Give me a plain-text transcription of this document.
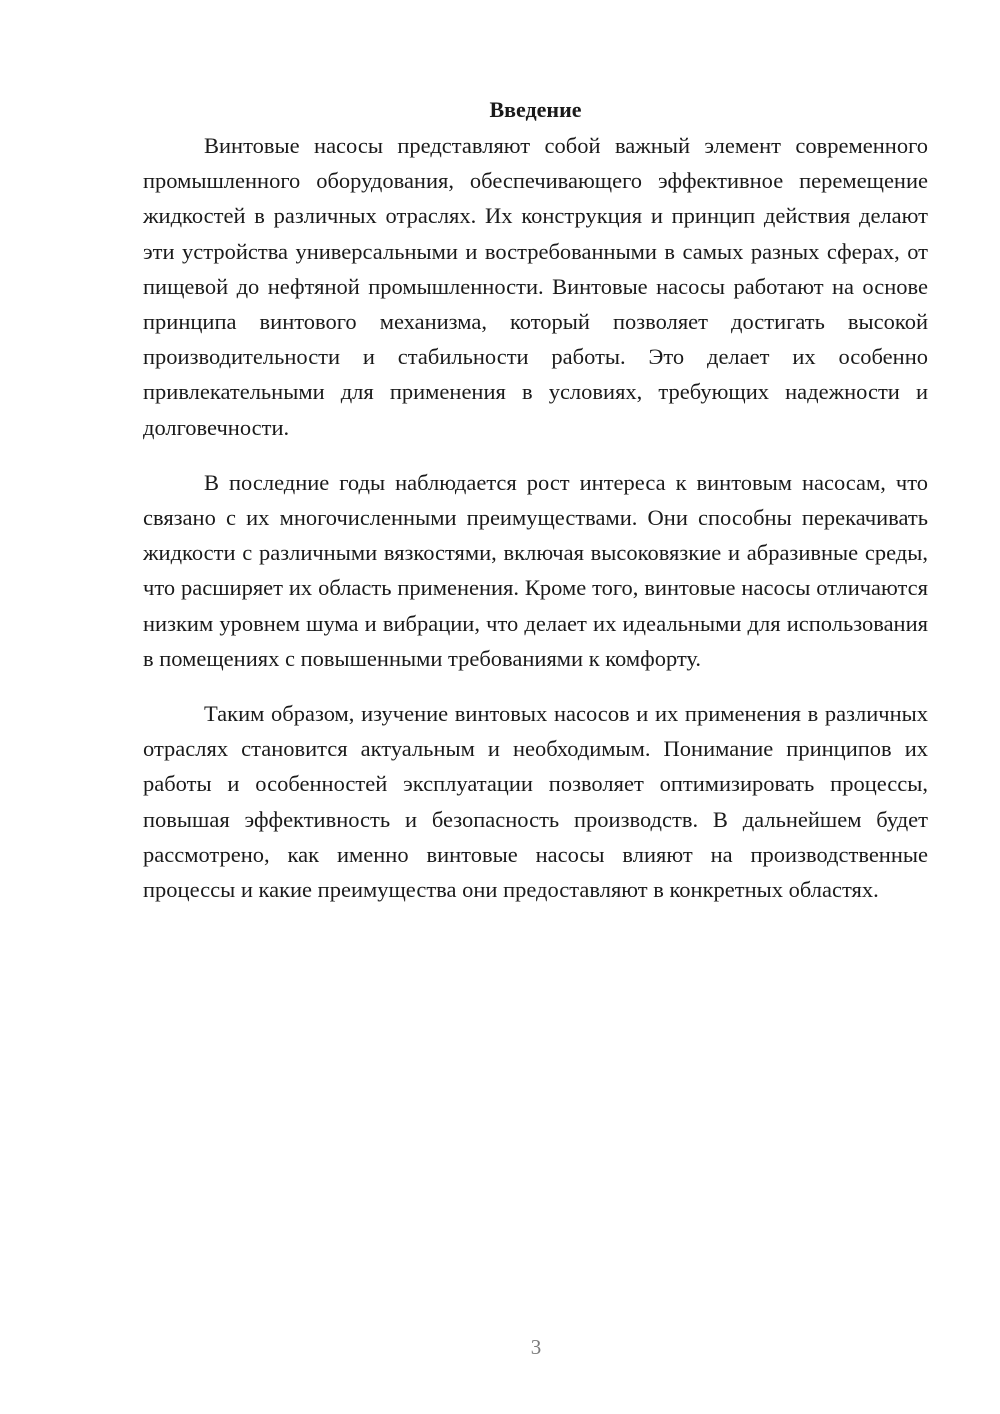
Введение

Винтовые насосы представляют собой важный элемент современного промышленного оборудования, обеспечивающего эффективное перемещение жидкостей в различных отраслях. Их конструкция и принцип действия делают эти устройства универсальными и востребованными в самых разных сферах, от пищевой до нефтяной промышленности. Винтовые насосы работают на основе принципа винтового механизма, который позволяет достигать высокой производительности и стабильности работы. Это делает их особенно привлекательными для применения в условиях, требующих надежности и долговечности.

В последние годы наблюдается рост интереса к винтовым насосам, что связано с их многочисленными преимуществами. Они способны перекачивать жидкости с различными вязкостями, включая высоковязкие и абразивные среды, что расширяет их область применения. Кроме того, винтовые насосы отличаются низким уровнем шума и вибрации, что делает их идеальными для использования в помещениях с повышенными требованиями к комфорту.

Таким образом, изучение винтовых насосов и их применения в различных отраслях становится актуальным и необходимым. Понимание принципов их работы и особенностей эксплуатации позволяет оптимизировать процессы, повышая эффективность и безопасность производств. В дальнейшем будет рассмотрено, как именно винтовые насосы влияют на производственные процессы и какие преимущества они предоставляют в конкретных областях.

3
